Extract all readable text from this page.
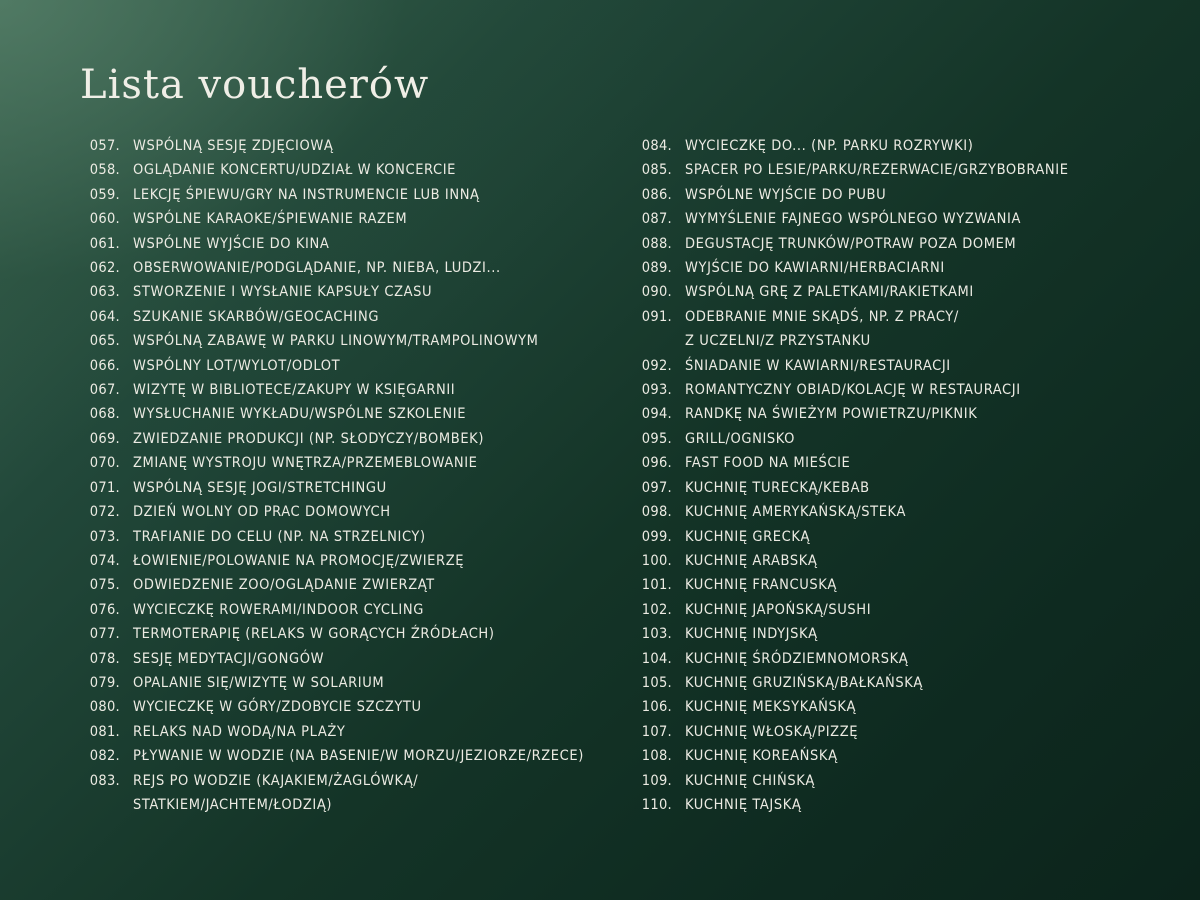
Lista voucherów
057. WSPÓLNĄ SESJĘ ZDJĘCIOWĄ
058. OGLĄDANIE KONCERTU/UDZIAŁ W KONCERCIE
059. LEKCJĘ ŚPIEWU/GRY NA INSTRUMENCIE LUB INNĄ
060. WSPÓLNE KARAOKE/ŚPIEWANIE RAZEM
061. WSPÓLNE WYJŚCIE DO KINA
062. OBSERWOWANIE/PODGLĄDANIE, NP. NIEBA, LUDZI...
063. STWORZENIE I WYSŁANIE KAPSUŁY CZASU
064. SZUKANIE SKARBÓW/GEOCACHING
065. WSPÓLNĄ ZABAWĘ W PARKU LINOWYM/TRAMPOLINOWYM
066. WSPÓLNY LOT/WYLOT/ODLOT
067. WIZYTĘ W BIBLIOTECE/ZAKUPY W KSIĘGARNII
068. WYSŁUCHANIE WYKŁADU/WSPÓLNE SZKOLENIE
069. ZWIEDZANIE PRODUKCJI (NP. SŁODYCZY/BOMBEK)
070. ZMIANĘ WYSTROJU WNĘTRZA/PRZEMEBLOWANIE
071. WSPÓLNĄ SESJĘ JOGI/STRETCHINGU
072. DZIEŃ WOLNY OD PRAC DOMOWYCH
073. TRAFIANIE DO CELU (NP. NA STRZELNICY)
074. ŁOWIENIE/POLOWANIE NA PROMOCJĘ/ZWIERZĘ
075. ODWIEDZENIE ZOO/OGLĄDANIE ZWIERZĄT
076. WYCIECZKĘ ROWERAMI/INDOOR CYCLING
077. TERMOTERAPIĘ (RELAKS W GORĄCYCH ŹRÓDŁACH)
078. SESJĘ MEDYTACJI/GONGÓW
079. OPALANIE SIĘ/WIZYTĘ W SOLARIUM
080. WYCIECZKĘ W GÓRY/ZDOBYCIE SZCZYTU
081. RELAKS NAD WODĄ/NA PLAŻY
082. PŁYWANIE W WODZIE (NA BASENIE/W MORZU/JEZIORZE/RZECE)
083. REJS PO WODZIE (KAJAKIEM/ŻAGLÓWKĄ/
STATKIEM/JACHTEM/ŁODZIĄ)
084. WYCIECZKĘ DO... (NP. PARKU ROZRYWKI)
085. SPACER PO LESIE/PARKU/REZERWACIE/GRZYBOBRANIE
086. WSPÓLNE WYJŚCIE DO PUBU
087. WYMYŚLENIE FAJNEGO WSPÓLNEGO WYZWANIA
088. DEGUSTACJĘ TRUNKÓW/POTRAW POZA DOMEM
089. WYJŚCIE DO KAWIARNI/HERBACIARNI
090. WSPÓLNĄ GRĘ Z PALETKAMI/RAKIETKAMI
091. ODEBRANIE MNIE SKĄDŚ, NP. Z PRACY/
Z UCZELNI/Z PRZYSTANKU
092. ŚNIADANIE W KAWIARNI/RESTAURACJI
093. ROMANTYCZNY OBIAD/KOLACJĘ W RESTAURACJI
094. RANDKĘ NA ŚWIEŻYM POWIETRZU/PIKNIK
095. GRILL/OGNISKO
096. FAST FOOD NA MIEŚCIE
097. KUCHNIĘ TURECKĄ/KEBAB
098. KUCHNIĘ AMERYKAŃSKĄ/STEKA
099. KUCHNIĘ GRECKĄ
100. KUCHNIĘ ARABSKĄ
101. KUCHNIĘ FRANCUSKĄ
102. KUCHNIĘ JAPOŃSKĄ/SUSHI
103. KUCHNIĘ INDYJSKĄ
104. KUCHNIĘ ŚRÓDZIEMNOMORSKĄ
105. KUCHNIĘ GRUZIŃSKĄ/BAŁKAŃSKĄ
106. KUCHNIĘ MEKSYKAŃSKĄ
107. KUCHNIĘ WŁOSKĄ/PIZZĘ
108. KUCHNIĘ KOREAŃSKĄ
109. KUCHNIĘ CHIŃSKĄ
110. KUCHNIĘ TAJSKĄ
